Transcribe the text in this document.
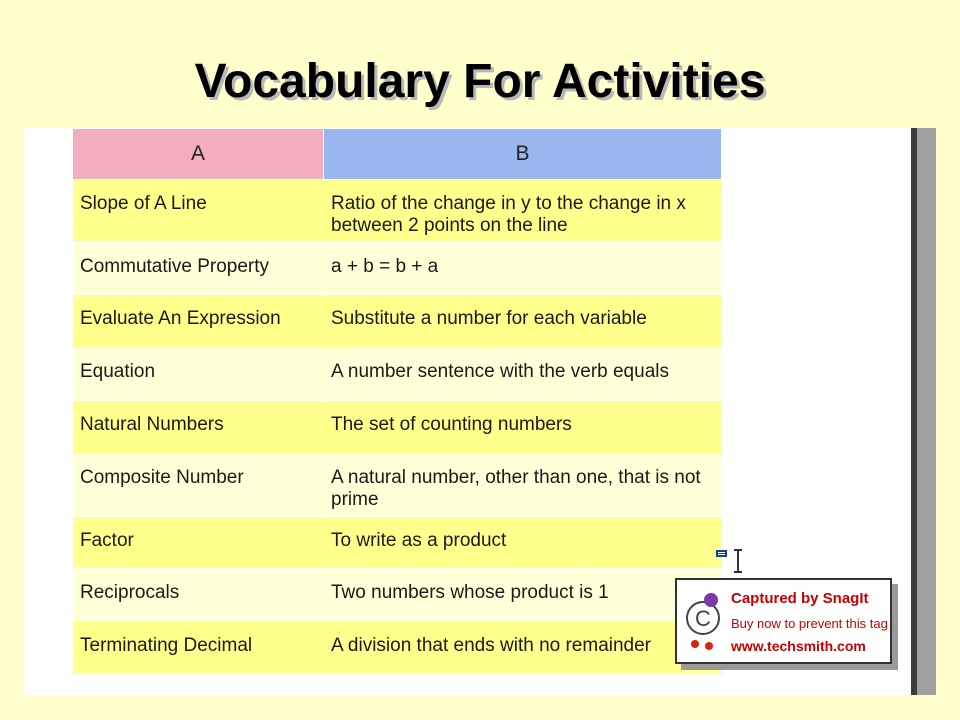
Vocabulary For Activities
A	B
Slope of A Line	Ratio of the change in y to the change in x between 2 points on the line
Commutative Property	a + b = b + a
Evaluate An Expression	Substitute a number for each variable
Equation	A number sentence with the verb equals
Natural Numbers	The set of counting numbers
Composite Number	A natural number, other than one, that is not prime
Factor	To write as a product
Reciprocals	Two numbers whose product is 1
Terminating Decimal	A division that ends with no remainder
C
Captured by SnagIt
Buy now to prevent this tag
www.techsmith.com
